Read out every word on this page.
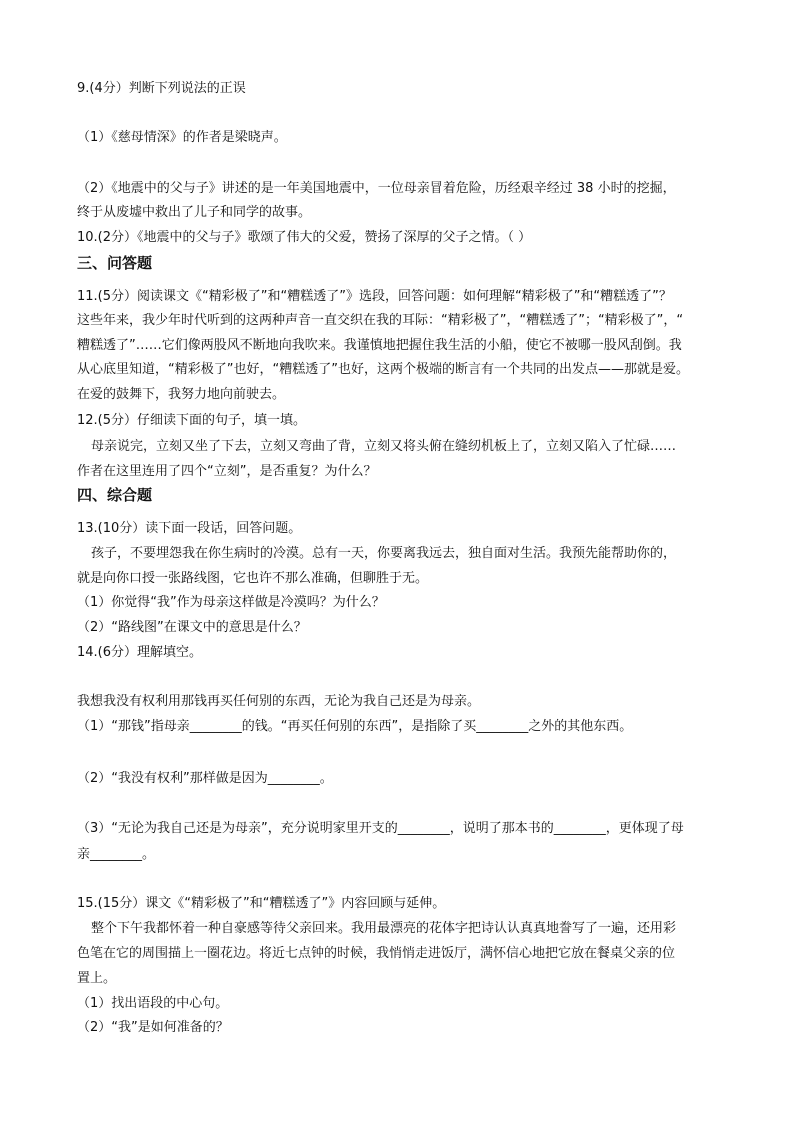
9.(4分）判断下列说法的正误
（1）《慈母情深》的作者是梁晓声。
（2）《地震中的父与子》讲述的是一年美国地震中，一位母亲冒着危险，历经艰辛经过 38 小时的挖掘，
终于从废墟中救出了儿子和同学的故事。
10.(2分）《地震中的父与子》歌颂了伟大的父爱，赞扬了深厚的父子之情。（ ）
三、问答题
11.(5分）阅读课文《“精彩极了”和“糟糕透了”》选段，回答问题：如何理解“精彩极了”和“糟糕透了”？
这些年来，我少年时代听到的这两种声音一直交织在我的耳际：“精彩极了”，“糟糕透了”；“精彩极了”，“
糟糕透了”……它们像两股风不断地向我吹来。我谨慎地把握住我生活的小船，使它不被哪一股风刮倒。我
从心底里知道，“精彩极了”也好，“糟糕透了”也好，这两个极端的断言有一个共同的出发点——那就是爱。
在爱的鼓舞下，我努力地向前驶去。
12.(5分）仔细读下面的句子，填一填。
母亲说完，立刻又坐了下去，立刻又弯曲了背，立刻又将头俯在缝纫机板上了，立刻又陷入了忙碌……
作者在这里连用了四个“立刻”，是否重复？为什么？
四、综合题
13.(10分）读下面一段话，回答问题。
孩子，不要埋怨我在你生病时的冷漠。总有一天，你要离我远去，独自面对生活。我预先能帮助你的，
就是向你口授一张路线图，它也许不那么准确，但聊胜于无。
（1）你觉得“我”作为母亲这样做是冷漠吗？为什么？
（2）“路线图”在课文中的意思是什么？
14.(6分）理解填空。
我想我没有权利用那钱再买任何别的东西，无论为我自己还是为母亲。
（1）“那钱”指母亲________的钱。“再买任何别的东西”，是指除了买________之外的其他东西。
（2）“我没有权利”那样做是因为________。
（3）“无论为我自己还是为母亲”，充分说明家里开支的________，说明了那本书的________，更体现了母
亲________。
15.(15分）课文《“精彩极了”和“糟糕透了”》内容回顾与延伸。
整个下午我都怀着一种自豪感等待父亲回来。我用最漂亮的花体字把诗认认真真地誊写了一遍，还用彩
色笔在它的周围描上一圈花边。将近七点钟的时候，我悄悄走进饭厅，满怀信心地把它放在餐桌父亲的位
置上。
（1）找出语段的中心句。
（2）“我”是如何准备的？
